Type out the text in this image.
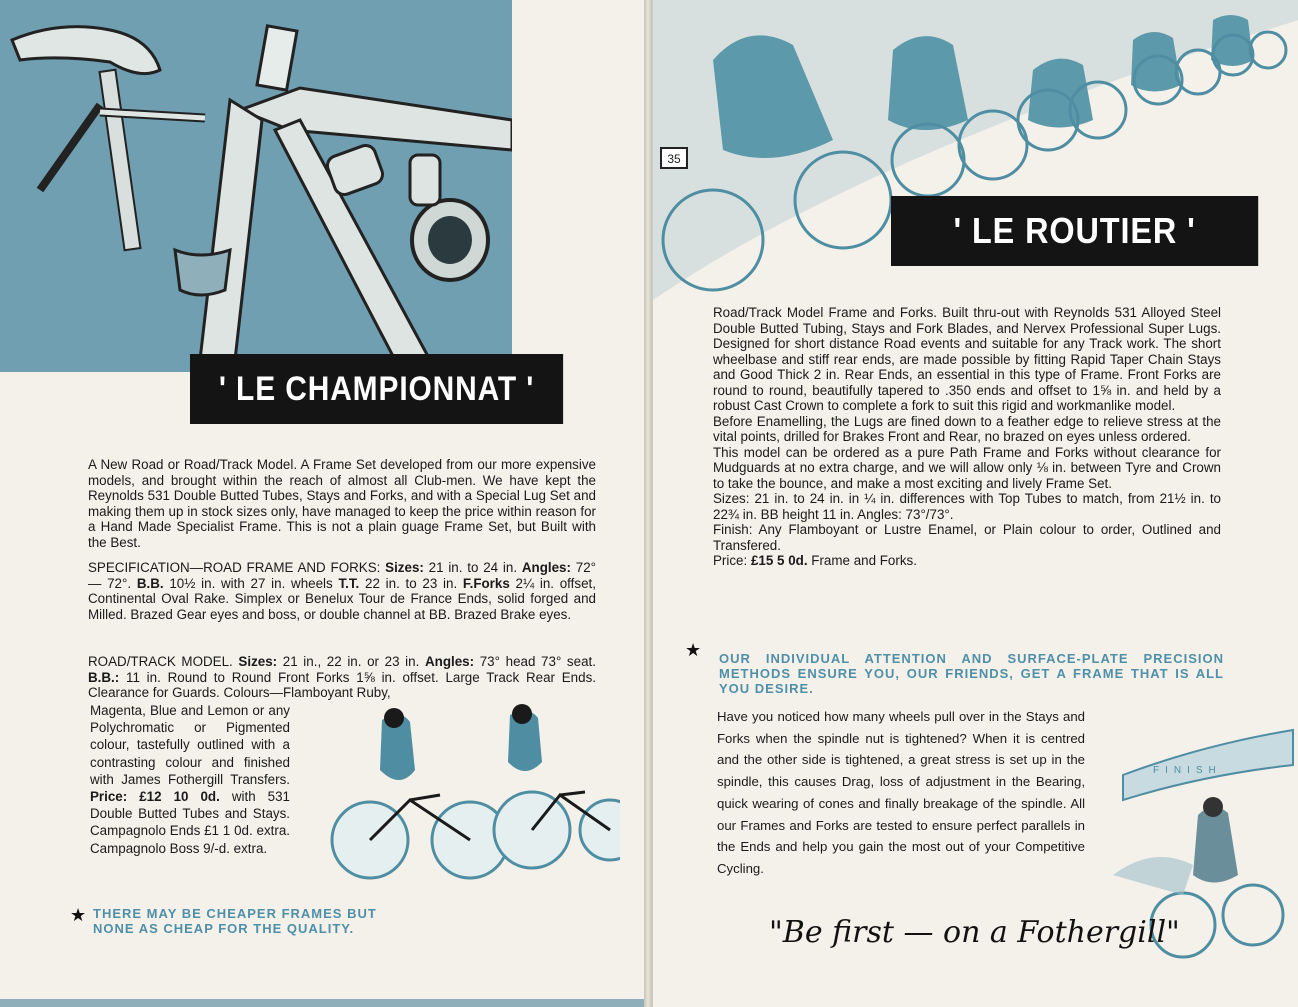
' LE CHAMPIONNAT '

A New Road or Road/Track Model. A Frame Set developed from our more expensive models, and brought within the reach of almost all Club-men. We have kept the Reynolds 531 Double Butted Tubes, Stays and Forks, and with a Special Lug Set and making them up in stock sizes only, have managed to keep the price within reason for a Hand Made Specialist Frame. This is not a plain guage Frame Set, but Built with the Best.

SPECIFICATION—ROAD FRAME AND FORKS: Sizes: 21 in. to 24 in. Angles: 72° — 72°. B.B. 10½ in. with 27 in. wheels T.T. 22 in. to 23 in. F.Forks 2¼ in. offset, Continental Oval Rake. Simplex or Benelux Tour de France Ends, solid forged and Milled. Brazed Gear eyes and boss, or double channel at BB. Brazed Brake eyes.

ROAD/TRACK MODEL. Sizes: 21 in., 22 in. or 23 in. Angles: 73° head 73° seat. B.B.: 11 in. Round to Round Front Forks 1⅝ in. offset. Large Track Rear Ends. Clearance for Guards. Colours—Flamboyant Ruby,

Magenta, Blue and Lemon or any Polychromatic or Pigmented colour, tastefully outlined with a contrasting colour and finished with James Fothergill Transfers. Price: £12 10 0d. with 531 Double Butted Tubes and Stays. Campagnolo Ends £1 1 0d. extra. Campagnolo Boss 9/-d. extra.

★ THERE MAY BE CHEAPER FRAMES BUT NONE AS CHEAP FOR THE QUALITY.
35
' LE ROUTIER '

Road/Track Model Frame and Forks. Built thru-out with Reynolds 531 Alloyed Steel Double Butted Tubing, Stays and Fork Blades, and Nervex Professional Super Lugs. Designed for short distance Road events and suitable for any Track work. The short wheelbase and stiff rear ends, are made possible by fitting Rapid Taper Chain Stays and Good Thick 2 in. Rear Ends, an essential in this type of Frame. Front Forks are round to round, beautifully tapered to .350 ends and offset to 1⅝ in. and held by a robust Cast Crown to complete a fork to suit this rigid and workmanlike model.

Before Enamelling, the Lugs are fined down to a feather edge to relieve stress at the vital points, drilled for Brakes Front and Rear, no brazed on eyes unless ordered.

This model can be ordered as a pure Path Frame and Forks without clearance for Mudguards at no extra charge, and we will allow only ⅛ in. between Tyre and Crown to take the bounce, and make a most exciting and lively Frame Set.

Sizes: 21 in. to 24 in. in ¼ in. differences with Top Tubes to match, from 21½ in. to 22¾ in. BB height 11 in. Angles: 73°/73°.

Finish: Any Flamboyant or Lustre Enamel, or Plain colour to order, Outlined and Transfered.

Price: £15 5 0d. Frame and Forks.

★ OUR INDIVIDUAL ATTENTION AND SURFACE-PLATE PRECISION METHODS ENSURE YOU, OUR FRIENDS, GET A FRAME THAT IS ALL YOU DESIRE.

Have you noticed how many wheels pull over in the Stays and Forks when the spindle nut is tightened? When it is centred and the other side is tightened, a great stress is set up in the spindle, this causes Drag, loss of adjustment in the Bearing, quick wearing of cones and finally breakage of the spindle. All our Frames and Forks are tested to ensure perfect parallels in the Ends and help you gain the most out of your Competitive Cycling.

FINISH
"Be first — on a Fothergill"
